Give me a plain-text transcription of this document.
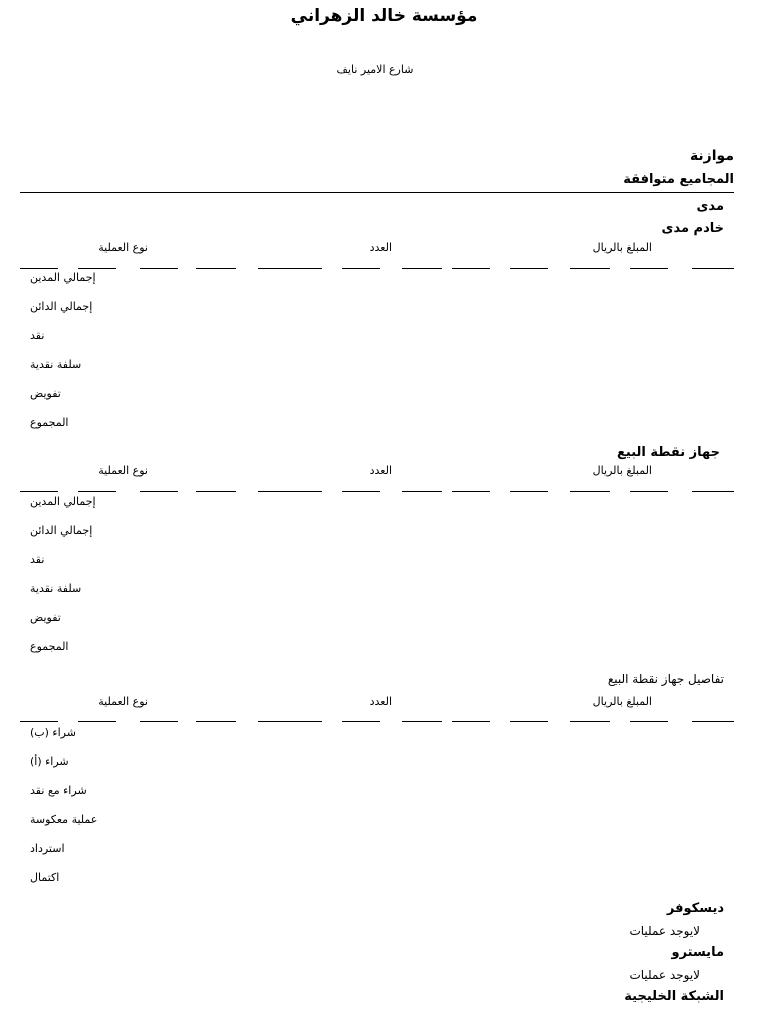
مؤسسة خالد الزهراني
شارع الامير نايف
موازنة
المجاميع متوافقة
مدى
خادم مدى
نوع العملية	العدد	المبلغ بالريال
إجمالي المدين
إجمالي الدائن
نقد
سلفة نقدية
تفويض
المجموع
جهاز نقطة البيع
نوع العملية	العدد	المبلغ بالريال
إجمالي المدين
إجمالي الدائن
نقد
سلفة نقدية
تفويض
المجموع
تفاصيل جهاز نقطة البيع
نوع العملية	العدد	المبلغ بالريال
شراء (ب)
شراء (أ)
شراء مع نقد
عملية معكوسة
استرداد
اكتمال
ديسكوفر
لايوجد عمليات
مايسترو
لايوجد عمليات
الشبكة الخليجية
